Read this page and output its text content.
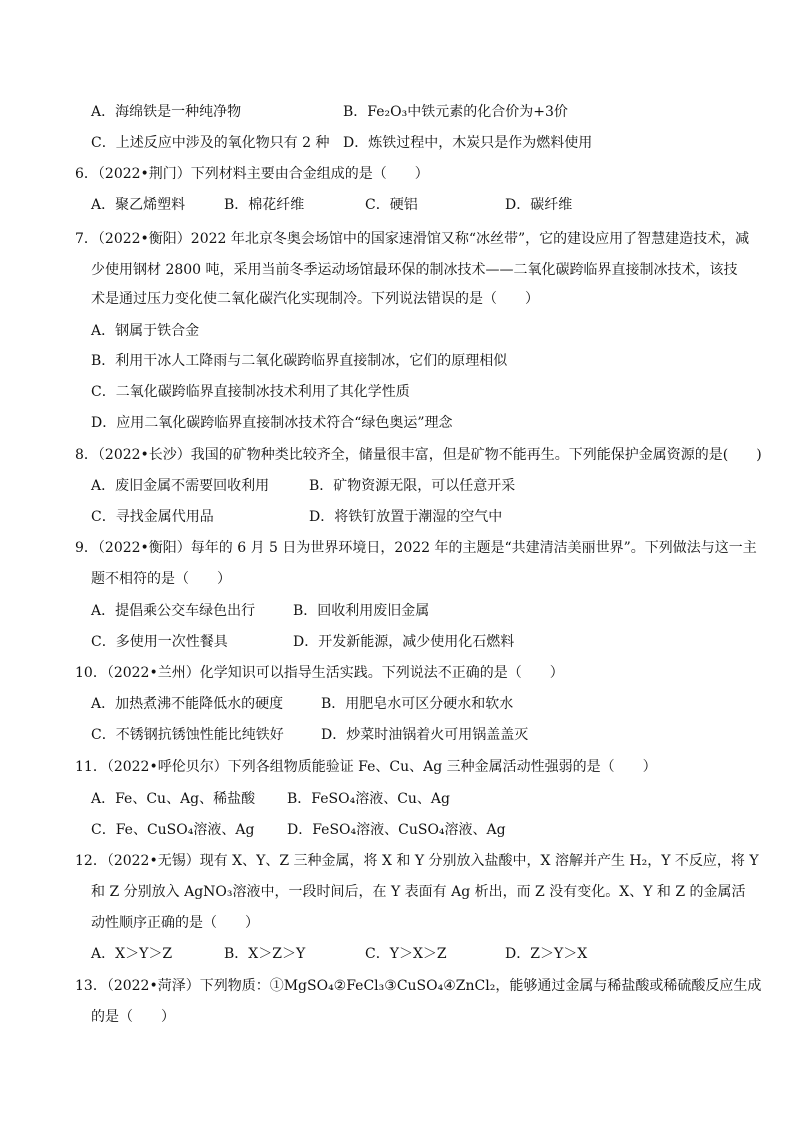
A．海绵铁是一种纯净物	B．Fe₂O₃中铁元素的化合价为+3价
C．上述反应中涉及的氧化物只有 2 种 D．炼铁过程中，木炭只是作为燃料使用
6．（2022•荆门）下列材料主要由合金组成的是（　　）
A．聚乙烯塑料	B．棉花纤维	C．硬铝	D．碳纤维
7．（2022•衡阳）2022 年北京冬奥会场馆中的国家速滑馆又称“冰丝带”，它的建设应用了智慧建造技术，减
少使用钢材 2800 吨，采用当前冬季运动场馆最环保的制冰技术——二氧化碳跨临界直接制冰技术，该技
术是通过压力变化使二氧化碳汽化实现制冷。下列说法错误的是（　　）
A．钢属于铁合金
B．利用干冰人工降雨与二氧化碳跨临界直接制冰，它们的原理相似
C．二氧化碳跨临界直接制冰技术利用了其化学性质
D．应用二氧化碳跨临界直接制冰技术符合“绿色奥运”理念
8．（2022•长沙）我国的矿物种类比较齐全，储量很丰富，但是矿物不能再生。下列能保护金属资源的是(　　)
A．废旧金属不需要回收利用	B．矿物资源无限，可以任意开采
C．寻找金属代用品	D．将铁钉放置于潮湿的空气中
9．（2022•衡阳）每年的 6 月 5 日为世界环境日，2022 年的主题是“共建清洁美丽世界”。下列做法与这一主
题不相符的是（　　）
A．提倡乘公交车绿色出行	B．回收利用废旧金属
C．多使用一次性餐具	D．开发新能源，减少使用化石燃料
10．（2022•兰州）化学知识可以指导生活实践。下列说法不正确的是（　　）
A．加热煮沸不能降低水的硬度	B．用肥皂水可区分硬水和软水
C．不锈钢抗锈蚀性能比纯铁好	D．炒菜时油锅着火可用锅盖盖灭
11．（2022•呼伦贝尔）下列各组物质能验证 Fe、Cu、Ag 三种金属活动性强弱的是（　　）
A．Fe、Cu、Ag、稀盐酸 B．FeSO₄溶液、Cu、Ag
C．Fe、CuSO₄溶液、Ag D．FeSO₄溶液、CuSO₄溶液、Ag
12．（2022•无锡）现有 X、Y、Z 三种金属，将 X 和 Y 分别放入盐酸中，X 溶解并产生 H₂，Y 不反应，将 Y
和 Z 分别放入 AgNO₃溶液中，一段时间后，在 Y 表面有 Ag 析出，而 Z 没有变化。X、Y 和 Z 的金属活
动性顺序正确的是（　　）
A．X＞Y＞Z	B．X＞Z＞Y	C．Y＞X＞Z	D．Z＞Y＞X
13．（2022•菏泽）下列物质：①MgSO₄②FeCl₃③CuSO₄④ZnCl₂，能够通过金属与稀盐酸或稀硫酸反应生成
的是（　　）
